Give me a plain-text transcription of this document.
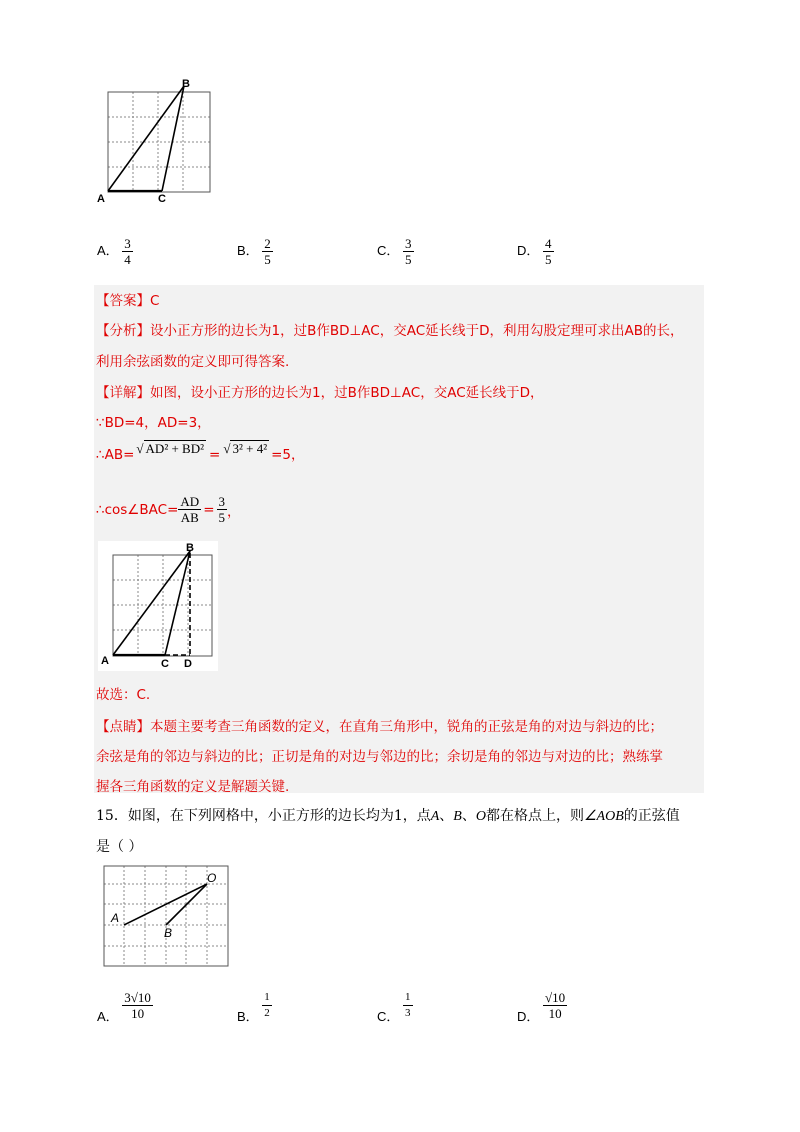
A
B
C
A． $\frac{3}{4}$	B． $\frac{2}{5}$	C． $\frac{3}{5}$	D． $\frac{4}{5}$
【答案】C
【分析】设小正方形的边长为1，过B作BD⊥AC，交AC延长线于D，利用勾股定理可求出AB的长，
利用余弦函数的定义即可得答案.
【详解】如图，设小正方形的边长为1，过B作BD⊥AC，交AC延长线于D，
∵BD=4，AD=3，
∴AB= √ AD² + BD² = √ 3² + 4² =5，
∴cos∠BAC= $\frac{AD}{AB} = \frac{3}{5}$ ，
A
B
C D
故选：C.
【点睛】本题主要考查三角函数的定义，在直角三角形中，锐角的正弦是角的对边与斜边的比；
余弦是角的邻边与斜边的比；正切是角的对边与邻边的比；余切是角的邻边与对边的比；熟练掌
握各三角函数的定义是解题关键.
15．如图，在下列网格中，小正方形的边长均为1，点A、B、O都在格点上，则∠AOB的正弦值
是（ ）
O
A
B
A． $\frac{3√10}{10}$	B． $\frac{1}{2}$	C． $\frac{1}{3}$	D． $\frac{√10}{10}$
